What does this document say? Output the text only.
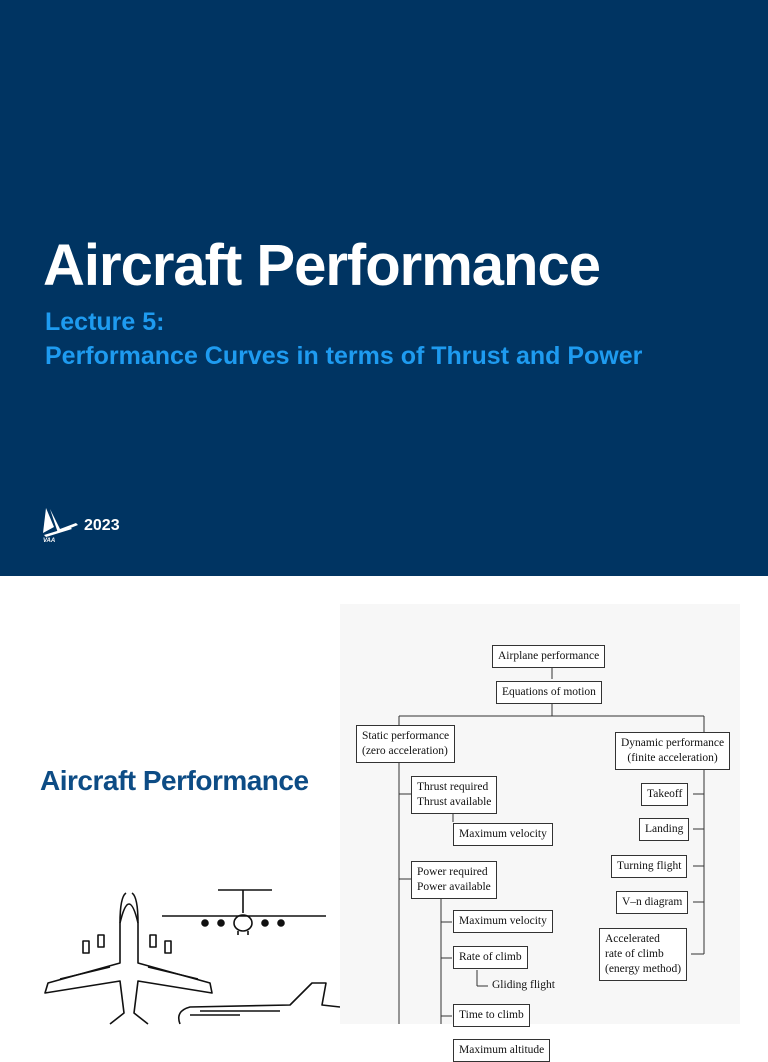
Aircraft Performance
Lecture 5:
Performance Curves in terms of Thrust and Power
VAA
2023
Aircraft Performance
Airplane performance
Equations of motion
Static performance
(zero acceleration)
Dynamic performance
(finite acceleration)
Thrust required
Thrust available
Maximum velocity
Power required
Power available
Maximum velocity
Rate of climb
Gliding flight
Time to climb
Maximum altitude
Takeoff
Landing
Turning flight
V–n diagram
Accelerated
rate of climb
(energy method)
